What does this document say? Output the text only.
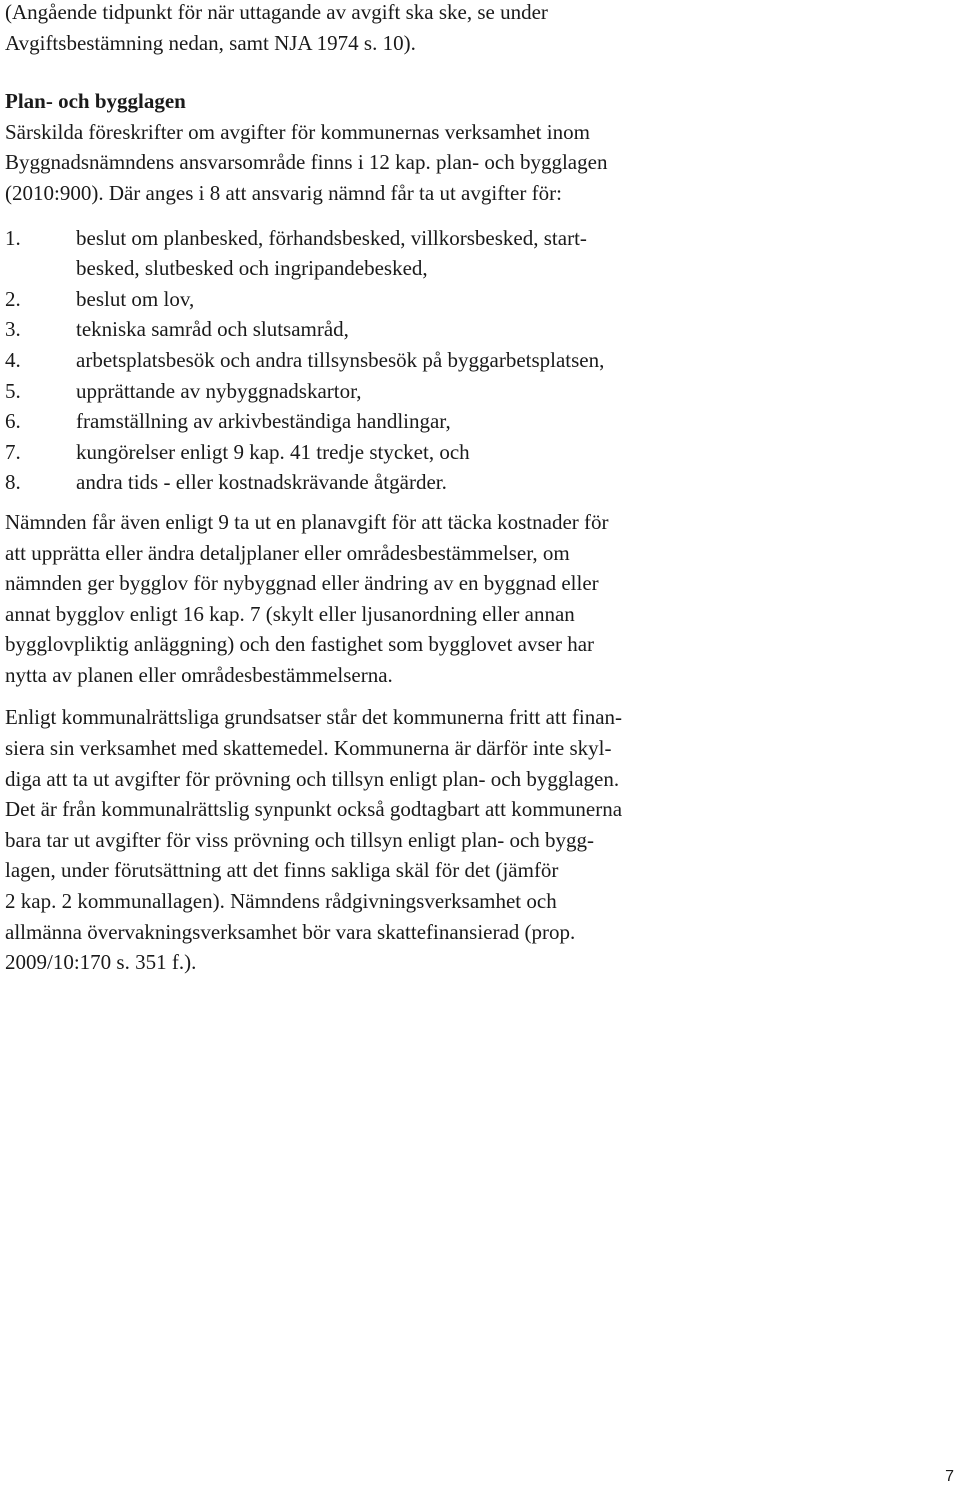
(Angående tidpunkt för när uttagande av avgift ska ske, se under
Avgiftsbestämning nedan, samt NJA 1974 s. 10).
Plan- och bygglagen
Särskilda föreskrifter om avgifter för kommunernas verksamhet inom
Byggnadsnämndens ansvarsområde finns i 12 kap. plan- och bygglagen
(2010:900). Där anges i 8 att ansvarig nämnd får ta ut avgifter för:
1.	beslut om planbesked, förhandsbesked, villkorsbesked, start-
besked, slutbesked och ingripandebesked,
2.	beslut om lov,
3.	tekniska samråd och slutsamråd,
4.	arbetsplatsbesök och andra tillsynsbesök på byggarbetsplatsen,
5.	upprättande av nybyggnadskartor,
6.	framställning av arkivbeständiga handlingar,
7.	kungörelser enligt 9 kap. 41 tredje stycket, och
8.	andra tids - eller kostnadskrävande åtgärder.
Nämnden får även enligt 9 ta ut en planavgift för att täcka kostnader för
att upprätta eller ändra detaljplaner eller områdesbestämmelser, om
nämnden ger bygglov för nybyggnad eller ändring av en byggnad eller
annat bygglov enligt 16 kap. 7 (skylt eller ljusanordning eller annan
bygglovpliktig anläggning) och den fastighet som bygglovet avser har
nytta av planen eller områdesbestämmelserna.
Enligt kommunalrättsliga grundsatser står det kommunerna fritt att finan-
siera sin verksamhet med skattemedel. Kommunerna är därför inte skyl-
diga att ta ut avgifter för prövning och tillsyn enligt plan- och bygglagen.
Det är från kommunalrättslig synpunkt också godtagbart att kommunerna
bara tar ut avgifter för viss prövning och tillsyn enligt plan- och bygg-
lagen, under förutsättning att det finns sakliga skäl för det (jämför
2 kap. 2 kommunallagen). Nämndens rådgivningsverksamhet och
allmänna övervakningsverksamhet bör vara skattefinansierad (prop.
2009/10:170 s. 351 f.).
7
